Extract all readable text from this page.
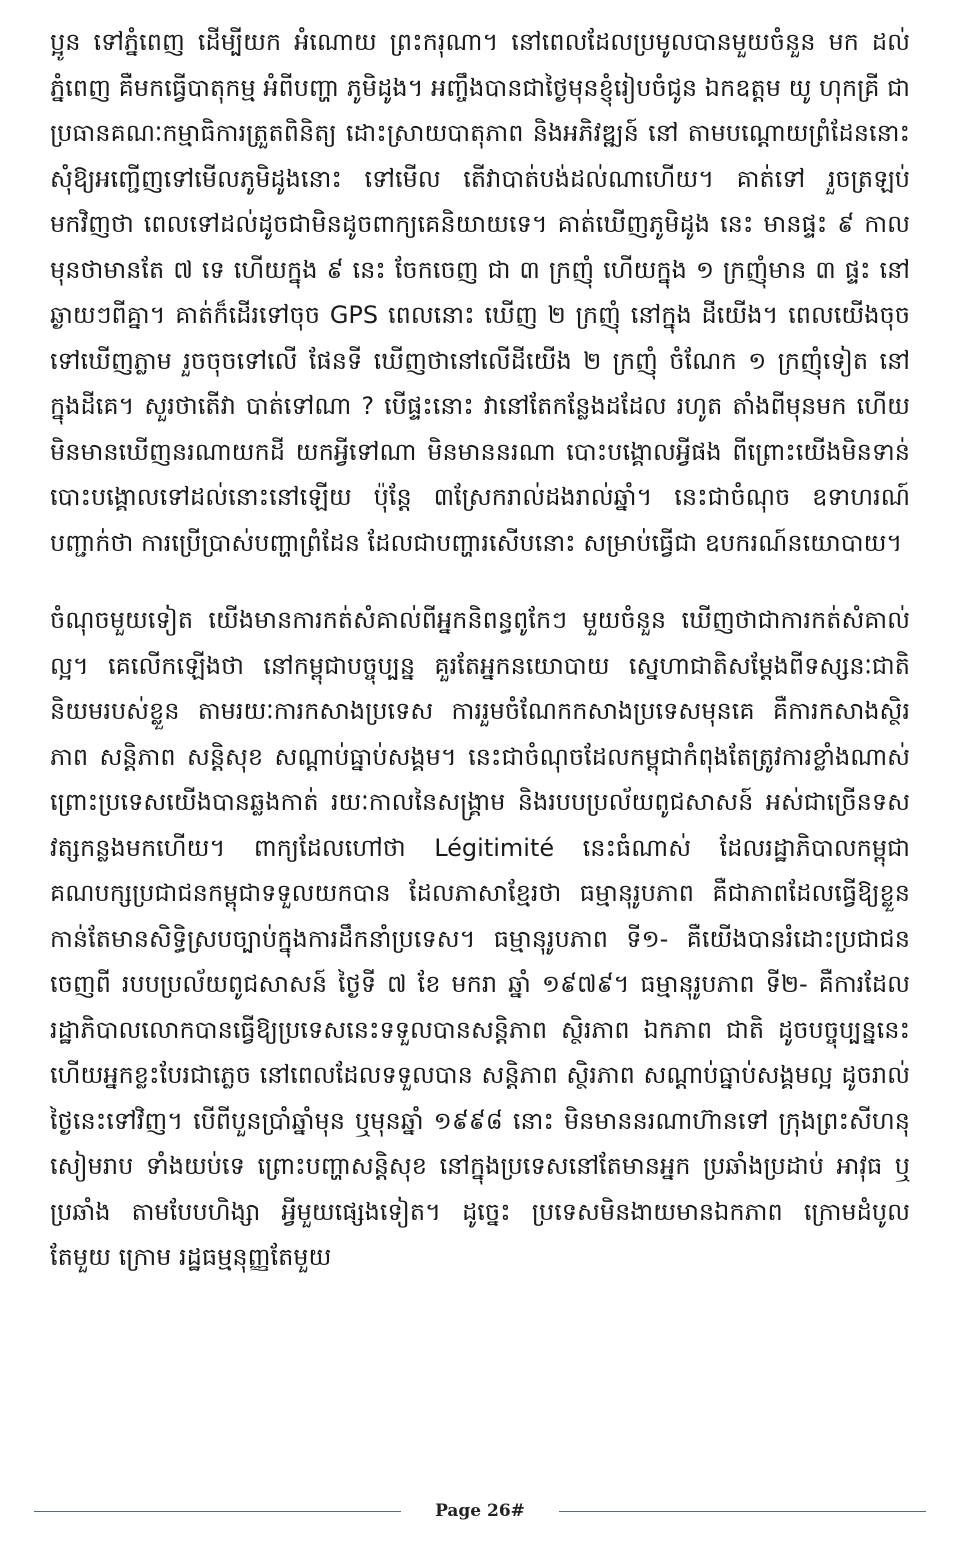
ប្អូន ទៅភ្នំពេញ ដើម្បីយក អំណោយ ព្រះករុណា។ នៅពេលដែលប្រមូលបានមួយចំនួន មក ដល់ភ្នំពេញ គឺមកធ្វើបាតុកម្ម អំពីបញ្ហា ភូមិដូង។ អញ្ចឹងបានជាថ្ងៃមុនខ្ញុំរៀបចំជូន ឯកឧត្តម យូ ហុកគ្រី ជាប្រធានគណៈកម្មាធិការត្រួតពិនិត្យ ដោះស្រាយបាតុភាព និងអភិវឌ្ឍន៍ នៅ តាមបណ្តោយព្រំដែននោះ សុំឱ្យអញ្ជើញទៅមើលភូមិដូងនោះ ទៅមើល តើវាបាត់បង់ដល់ណាហើយ។ គាត់ទៅ រួចត្រឡប់មកវិញថា ពេលទៅដល់ដូចជាមិនដូចពាក្យគេនិយាយទេ។ គាត់ឃើញភូមិដូង នេះ មានផ្ទះ ៩ កាលមុនថាមានតែ ៧ ទេ ហើយក្នុង ៩ នេះ ចែកចេញ ជា ៣ ក្រញុំ ហើយក្នុង ១ ក្រញុំមាន ៣ ផ្ទះ នៅឆ្ងាយៗពីគ្នា។ គាត់ក៏ដើរទៅចុច GPS ពេលនោះ ឃើញ ២ ក្រញុំ នៅក្នុង ដីយើង។ ពេលយើងចុចទៅឃើញភ្លាម រួចចុចទៅលើ ផែនទី ឃើញថានៅលើដីយើង ២ ក្រញុំ ចំណែក ១ ក្រញុំទៀត នៅក្នុងដីគេ។ សួរថាតើវា បាត់ទៅណា ? បើផ្ទះនោះ វានៅតែកន្លែងដដែល រហូត តាំងពីមុនមក ហើយមិនមានឃើញនរណាយកដី យកអ្វីទៅណា មិនមាននរណា បោះបង្គោលអ្វីផង ពីព្រោះយើងមិនទាន់បោះបង្គោលទៅដល់នោះនៅឡើយ ប៉ុន្តែ ៣ស្រែករាល់ដងរាល់ឆ្នាំ។ នេះជាចំណុច ឧទាហរណ៍ បញ្ជាក់ថា ការប្រើប្រាស់បញ្ហាព្រំដែន ដែលជាបញ្ហារសើបនោះ សម្រាប់ធ្វើជា ឧបករណ៍នយោបាយ។

ចំណុចមួយទៀត យើងមានការកត់សំគាល់ពីអ្នកនិពន្ធពូកែៗ មួយចំនួន ឃើញថាជាការកត់សំគាល់ល្អ។ គេលើកឡើងថា នៅកម្ពុជាបច្ចុប្បន្ន គួរតែអ្នកនយោបាយ ស្នេហាជាតិសម្តែងពីទស្សនៈជាតិនិយមរបស់ខ្លួន តាមរយៈការកសាងប្រទេស ការរួមចំណែកកសាងប្រទេសមុនគេ គឺការកសាងស្ថិរភាព សន្តិភាព សន្តិសុខ សណ្តាប់ធ្នាប់សង្គម។ នេះជាចំណុចដែលកម្ពុជាកំពុងតែត្រូវការខ្លាំងណាស់ ព្រោះប្រទេសយើងបានឆ្លងកាត់ រយៈកាលនៃសង្គ្រាម និងរបបប្រល័យពូជសាសន៍ អស់ជាច្រើនទសវត្សកន្លងមកហើយ។ ពាក្យដែលហៅថា Légitimité នេះធំណាស់ ដែលរដ្ឋាភិបាលកម្ពុជា គណបក្សប្រជាជនកម្ពុជាទទួលយកបាន ដែលភាសាខ្មែរថា ធម្មានុរូបភាព គឺជាភាពដែលធ្វើឱ្យខ្លួន កាន់តែមានសិទ្ធិស្របច្បាប់ក្នុងការដឹកនាំប្រទេស។ ធម្មានុរូបភាព ទី១- គឺយើងបានរំដោះប្រជាជនចេញពី របបប្រល័យពូជសាសន៍ ថ្ងៃទី ៧ ខែ មករា ឆ្នាំ ១៩៧៩។ ធម្មានុរូបភាព ទី២- គឺការដែលរដ្ឋាភិបាលលោកបានធ្វើឱ្យប្រទេសនេះទទួលបានសន្តិភាព ស្ថិរភាព ឯកភាព ជាតិ ដូចបច្ចុប្បន្ននេះ ហើយអ្នកខ្លះបែរជាភ្លេច នៅពេលដែលទទួលបាន សន្តិភាព ស្ថិរភាព សណ្តាប់ធ្នាប់សង្គមល្អ ដូចរាល់ថ្ងៃនេះទៅវិញ។ បើពីបួនប្រាំឆ្នាំមុន ឬមុនឆ្នាំ ១៩៩៨ នោះ មិនមាននរណាហ៊ានទៅ ក្រុងព្រះសីហនុ សៀមរាប ទាំងយប់ទេ ព្រោះបញ្ហាសន្តិសុខ នៅក្នុងប្រទេសនៅតែមានអ្នក ប្រឆាំងប្រដាប់ អាវុធ ឬប្រឆាំង តាមបែបហិង្សា អ្វីមួយផ្សេងទៀត។ ដូច្នេះ ប្រទេសមិនងាយមានឯកភាព ក្រោមដំបូល តែមួយ ក្រោម រដ្ឋធម្មនុញ្ញតែមួយ

Page 26#
